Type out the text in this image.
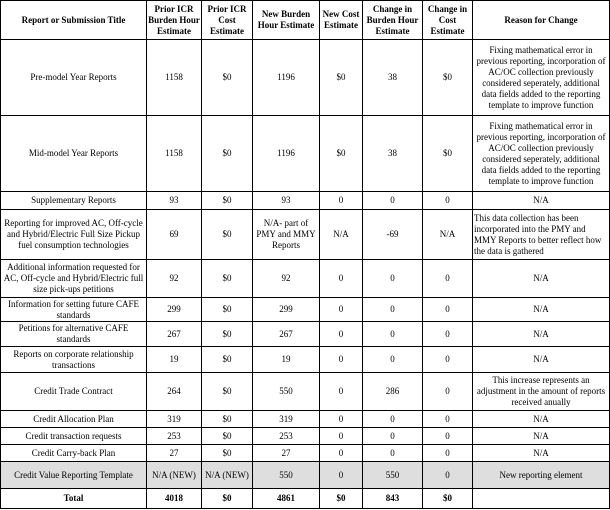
Report or Submission Title	Prior ICR Burden Hour Estimate	Prior ICR Cost Estimate	New Burden Hour Estimate	New Cost Estimate	Change in Burden Hour Estimate	Change in Cost Estimate	Reason for Change
Pre-model Year Reports	1158	$0	1196	$0	38	$0	Fixing mathematical error in previous reporting, incorporation of AC/OC collection previously considered seperately, additional data fields added to the reporting template to improve function
Mid-model Year Reports	1158	$0	1196	$0	38	$0	Fixing mathematical error in previous reporting, incorporation of AC/OC collection previously considered seperately, additional data fields added to the reporting template to improve function
Supplementary Reports	93	$0	93	0	0	0	N/A
Reporting for improved AC, Off-cycle and Hybrid/Electric Full Size Pickup fuel consumption technologies	69	$0	N/A- part of PMY and MMY Reports	N/A	-69	N/A	This data collection has been incorporated into the PMY and MMY Reports to better reflect how the data is gathered
Additional information requested for AC, Off-cycle and Hybrid/Electric full size pick-ups petitions	92	$0	92	0	0	0	N/A
Information for setting future CAFE standards	299	$0	299	0	0	0	N/A
Petitions for alternative CAFE standards	267	$0	267	0	0	0	N/A
Reports on corporate relationship transactions	19	$0	19	0	0	0	N/A
Credit Trade Contract	264	$0	550	0	286	0	This increase represents an adjustment in the amount of reports received anually
Credit Allocation Plan	319	$0	319	0	0	0	N/A
Credit transaction requests	253	$0	253	0	0	0	N/A
Credit Carry-back Plan	27	$0	27	0	0	0	N/A
Credit Value Reporting Template	N/A (NEW)	N/A (NEW)	550	0	550	0	New reporting element
Total	4018	$0	4861	$0	843	$0	
